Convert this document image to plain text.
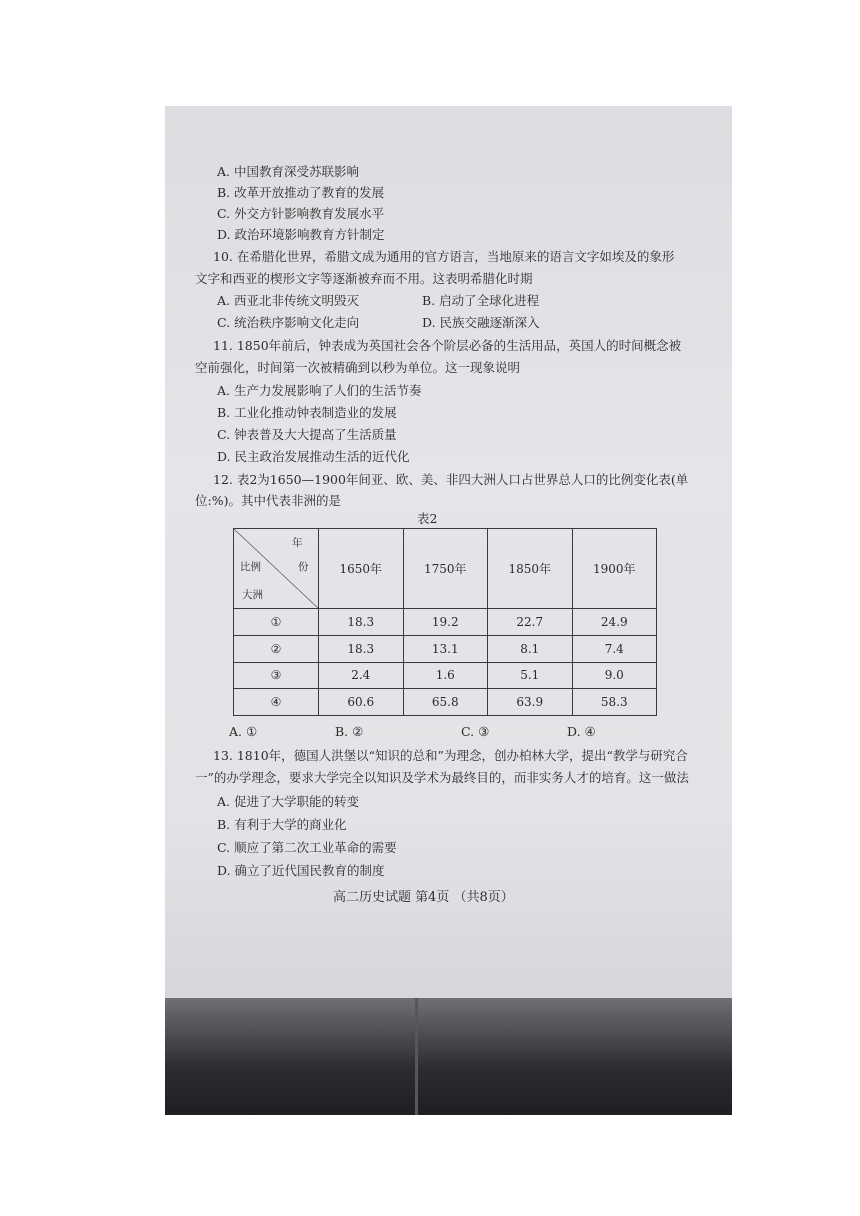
A. 中国教育深受苏联影响
B. 改革开放推动了教育的发展
C. 外交方针影响教育发展水平
D. 政治环境影响教育方针制定
10. 在希腊化世界，希腊文成为通用的官方语言，当地原来的语言文字如埃及的象形
文字和西亚的楔形文字等逐渐被弃而不用。这表明希腊化时期
A. 西亚北非传统文明毁灭	B. 启动了全球化进程
C. 统治秩序影响文化走向	D. 民族交融逐渐深入
11. 1850年前后，钟表成为英国社会各个阶层必备的生活用品，英国人的时间概念被
空前强化，时间第一次被精确到以秒为单位。这一现象说明
A. 生产力发展影响了人们的生活节奏
B. 工业化推动钟表制造业的发展
C. 钟表普及大大提高了生活质量
D. 民主政治发展推动生活的近代化
12. 表2为1650—1900年间亚、欧、美、非四大洲人口占世界总人口的比例变化表(单
位:%)。其中代表非洲的是
表2
年
份
比例
大洲	1650年	1750年	1850年	1900年
①	18.3	19.2	22.7	24.9
②	18.3	13.1	8.1	7.4
③	2.4	1.6	5.1	9.0
④	60.6	65.8	63.9	58.3
A. ①	B. ②	C. ③	D. ④
13. 1810年，德国人洪堡以“知识的总和”为理念，创办柏林大学，提出“教学与研究合
一”的办学理念，要求大学完全以知识及学术为最终目的，而非实务人才的培育。这一做法
A. 促进了大学职能的转变
B. 有利于大学的商业化
C. 顺应了第二次工业革命的需要
D. 确立了近代国民教育的制度
高二历史试题 第4页 （共8页）
